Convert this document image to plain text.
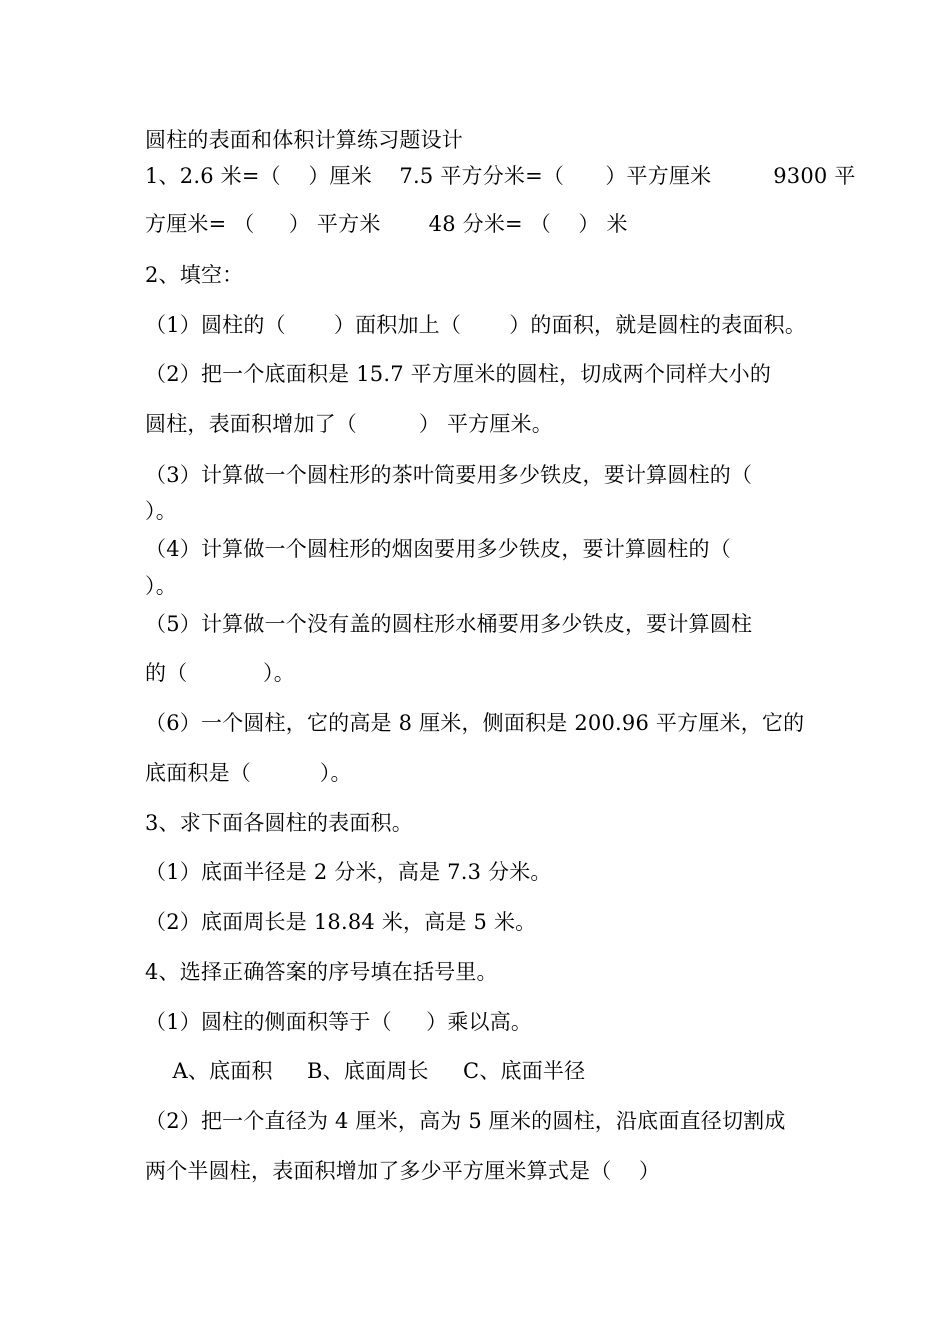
圆柱的表面和体积计算练习题设计
1、2.6 米=（    ）厘米    7.5 平方分米=（      ）平方厘米         9300 平
方厘米= （     ） 平方米       48 分米= （    ） 米
2、填空：
（1）圆柱的（       ）面积加上（       ）的面积，就是圆柱的表面积。
（2）把一个底面积是 15.7 平方厘米的圆柱，切成两个同样大小的
圆柱，表面积增加了（         ） 平方厘米。
（3）计算做一个圆柱形的茶叶筒要用多少铁皮，要计算圆柱的（
）。
（4）计算做一个圆柱形的烟囱要用多少铁皮，要计算圆柱的（
）。
（5）计算做一个没有盖的圆柱形水桶要用多少铁皮，要计算圆柱
的（           ）。
（6）一个圆柱，它的高是 8 厘米，侧面积是 200.96 平方厘米，它的
底面积是（          ）。
3、求下面各圆柱的表面积。
（1）底面半径是 2 分米，高是 7.3 分米。
（2）底面周长是 18.84 米，高是 5 米。
4、选择正确答案的序号填在括号里。
（1）圆柱的侧面积等于（     ）乘以高。
A、底面积     B、底面周长     C、底面半径
（2）把一个直径为 4 厘米，高为 5 厘米的圆柱，沿底面直径切割成
两个半圆柱，表面积增加了多少平方厘米算式是（    ）
